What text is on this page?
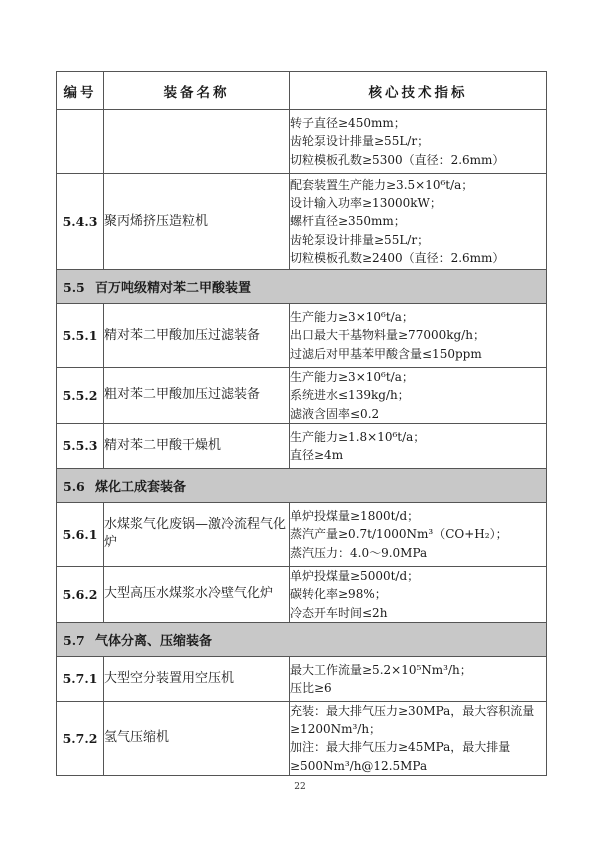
编号	装备名称	核心技术指标

		转子直径≥450mm；
齿轮泵设计排量≥55L/r；
切粒模板孔数≥5300（直径：2.6mm）

5.4.3	聚丙烯挤压造粒机	配套装置生产能力≥3.5×10⁶t/a；
设计输入功率≥13000kW；
螺杆直径≥350mm；
齿轮泵设计排量≥55L/r；
切粒模板孔数≥2400（直径：2.6mm）

5.5 百万吨级精对苯二甲酸装置		
5.5.1	精对苯二甲酸加压过滤装备	生产能力≥3×10⁶t/a；
出口最大干基物料量≥77000kg/h；
过滤后对甲基苯甲酸含量≤150ppm

5.5.2	粗对苯二甲酸加压过滤装备	生产能力≥3×10⁶t/a；
系统进水≤139kg/h；
滤液含固率≤0.2

5.5.3	精对苯二甲酸干燥机	生产能力≥1.8×10⁶t/a；
直径≥4m

5.6 煤化工成套装备		
5.6.1	水煤浆气化废锅—激冷流程气化炉	单炉投煤量≥1800t/d；
蒸汽产量≥0.7t/1000Nm³（CO+H₂）；
蒸汽压力：4.0～9.0MPa

5.6.2	大型高压水煤浆水冷壁气化炉	单炉投煤量≥5000t/d；
碳转化率≥98%；
冷态开车时间≤2h

5.7 气体分离、压缩装备		
5.7.1	大型空分装置用空压机	最大工作流量≥5.2×10⁵Nm³/h；
压比≥6

5.7.2	氢气压缩机	充装：最大排气压力≥30MPa，最大容积流量≥1200Nm³/h；
加注：最大排气压力≥45MPa，最大排量≥500Nm³/h@12.5MPa
22
